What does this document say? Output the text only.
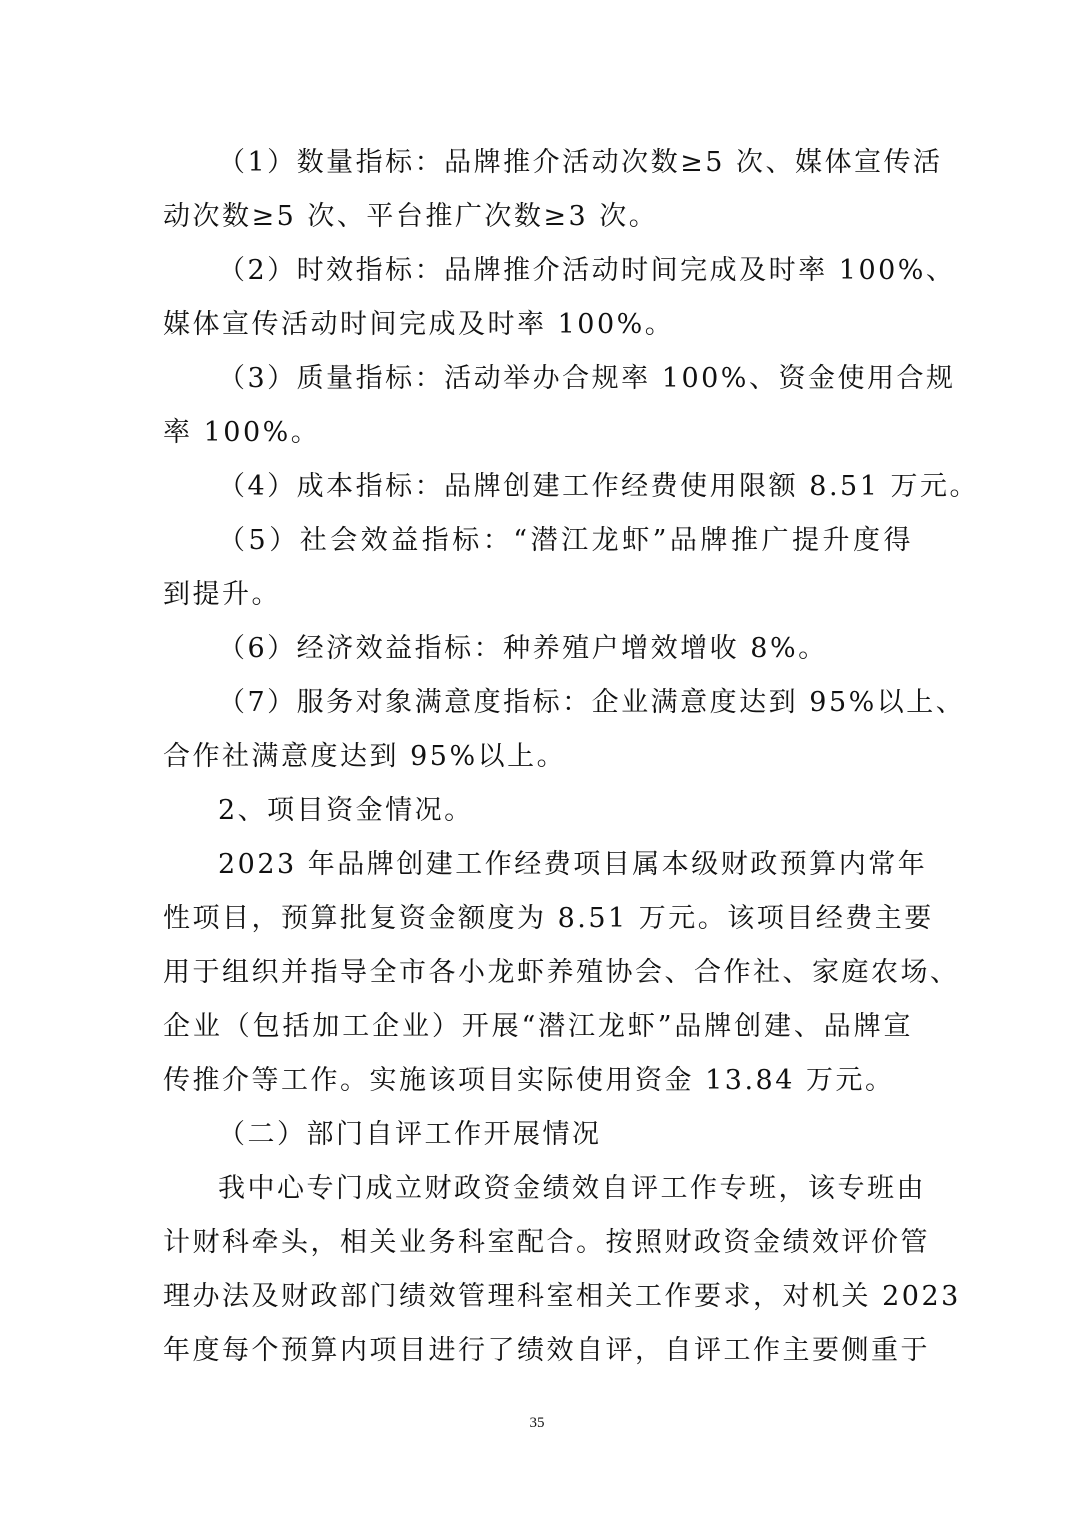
（1）数量指标：品牌推介活动次数≥5 次、媒体宣传活
动次数≥5 次、平台推广次数≥3 次。
（2）时效指标：品牌推介活动时间完成及时率 100%、
媒体宣传活动时间完成及时率 100%。
（3）质量指标：活动举办合规率 100%、资金使用合规
率 100%。
（4）成本指标：品牌创建工作经费使用限额 8.51 万元。
（5）社会效益指标：“潜江龙虾”品牌推广提升度得
到提升。
（6）经济效益指标：种养殖户增效增收 8%。
（7）服务对象满意度指标：企业满意度达到 95%以上、
合作社满意度达到 95%以上。
2、项目资金情况。
2023 年品牌创建工作经费项目属本级财政预算内常年
性项目，预算批复资金额度为 8.51 万元。该项目经费主要
用于组织并指导全市各小龙虾养殖协会、合作社、家庭农场、
企业（包括加工企业）开展“潜江龙虾”品牌创建、品牌宣
传推介等工作。实施该项目实际使用资金 13.84 万元。
（二）部门自评工作开展情况
我中心专门成立财政资金绩效自评工作专班，该专班由
计财科牵头，相关业务科室配合。按照财政资金绩效评价管
理办法及财政部门绩效管理科室相关工作要求，对机关 2023
年度每个预算内项目进行了绩效自评，自评工作主要侧重于
35
